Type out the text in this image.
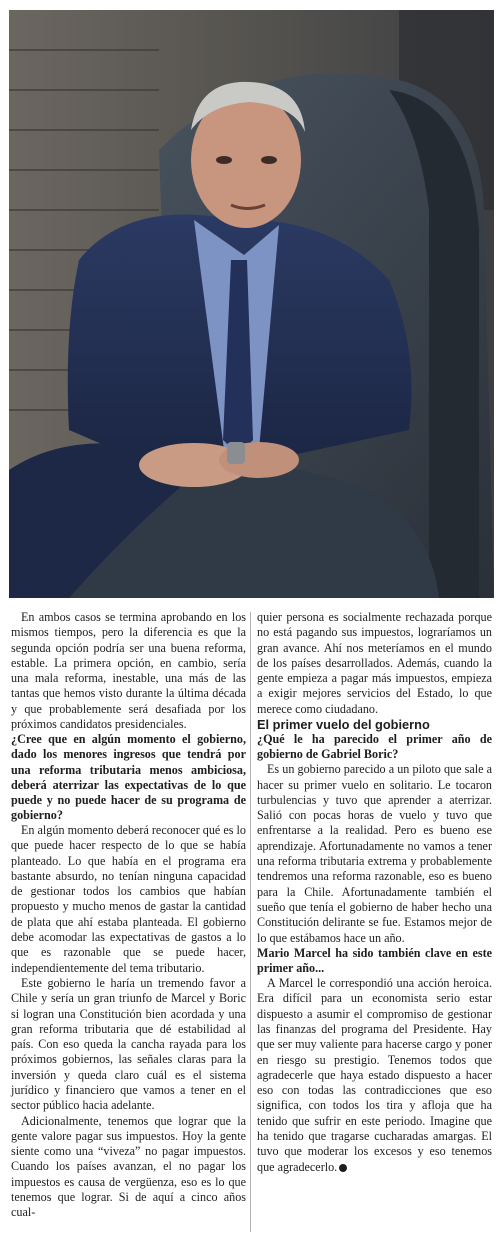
En ambos casos se termina aprobando en los mismos tiempos, pero la diferencia es que la segunda opción podría ser una buena reforma, estable. La primera opción, en cambio, sería una mala reforma, inestable, una más de las tantas que hemos visto durante la última década y que probablemente será desafiada por los próximos candidatos presidenciales.

¿Cree que en algún momento el gobierno, dado los menores ingresos que tendrá por una reforma tributaria menos ambiciosa, deberá aterrizar las expectativas de lo que puede y no puede hacer de su programa de gobierno?

En algún momento deberá reconocer qué es lo que puede hacer respecto de lo que se había planteado. Lo que había en el programa era bastante absurdo, no tenían ninguna capacidad de gestionar todos los cambios que habían propuesto y mucho menos de gastar la cantidad de plata que ahí estaba planteada. El gobierno debe acomodar las expectativas de gastos a lo que es razonable que se puede hacer, independientemente del tema tributario.

Este gobierno le haría un tremendo favor a Chile y sería un gran triunfo de Marcel y Boric si logran una Constitución bien acordada y una gran reforma tributaria que dé estabilidad al país. Con eso queda la cancha rayada para los próximos gobiernos, las señales claras para la inversión y queda claro cuál es el sistema jurídico y financiero que vamos a tener en el sector público hacia adelante.

Adicionalmente, tenemos que lograr que la gente valore pagar sus impuestos. Hoy la gente siente como una “viveza” no pagar impuestos. Cuando los países avanzan, el no pagar los impuestos es causa de vergüenza, eso es lo que tenemos que lograr. Si de aquí a cinco años cual-

quier persona es socialmente rechazada porque no está pagando sus impuestos, lograríamos un gran avance. Ahí nos meteríamos en el mundo de los países desarrollados. Además, cuando la gente empieza a pagar más impuestos, empieza a exigir mejores servicios del Estado, lo que merece como ciudadano.

El primer vuelo del gobierno

¿Qué le ha parecido el primer año de gobierno de Gabriel Boric?

Es un gobierno parecido a un piloto que sale a hacer su primer vuelo en solitario. Le tocaron turbulencias y tuvo que aprender a aterrizar. Salió con pocas horas de vuelo y tuvo que enfrentarse a la realidad. Pero es bueno ese aprendizaje. Afortunadamente no vamos a tener una reforma tributaria extrema y probablemente tendremos una reforma razonable, eso es bueno para la Chile. Afortunadamente también el sueño que tenía el gobierno de haber hecho una Constitución delirante se fue. Estamos mejor de lo que estábamos hace un año.

Mario Marcel ha sido también clave en este primer año...

A Marcel le correspondió una acción heroica. Era difícil para un economista serio estar dispuesto a asumir el compromiso de gestionar las finanzas del programa del Presidente. Hay que ser muy valiente para hacerse cargo y poner en riesgo su prestigio. Tenemos todos que agradecerle que haya estado dispuesto a hacer eso con todas las contradicciones que eso significa, con todos los tira y afloja que ha tenido que sufrir en este periodo. Imagine que ha tenido que tragarse cucharadas amargas. El tuvo que moderar los excesos y eso tenemos que agradecerlo.
